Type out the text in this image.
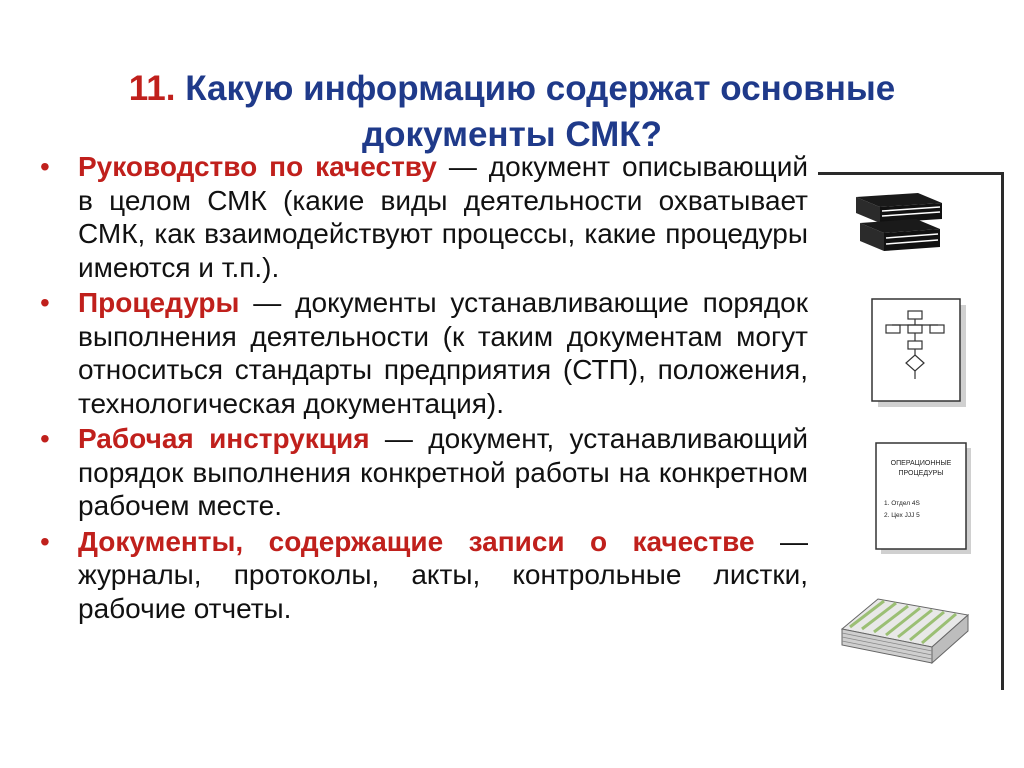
11. Какую информацию содержат основные документы СМК?
• Руководство по качеству — документ описывающий в целом СМК (какие виды деятельности охватывает СМК, как взаимодействуют процессы, какие процедуры имеются и т.п.).
• Процедуры — документы устанавливающие порядок выполнения деятельности (к таким документам могут относиться стандарты предприятия (СТП), положения, технологическая документация).
• Рабочая инструкция — документ, устанавливающий порядок выполнения конкретной работы на конкретном рабочем месте.
• Документы, содержащие записи о качестве — журналы, протоколы, акты, контрольные листки, рабочие отчеты.
ОПЕРАЦИОННЫЕ
ПРОЦЕДУРЫ
1. Отдел 4S
2. Цех JJJ 5
